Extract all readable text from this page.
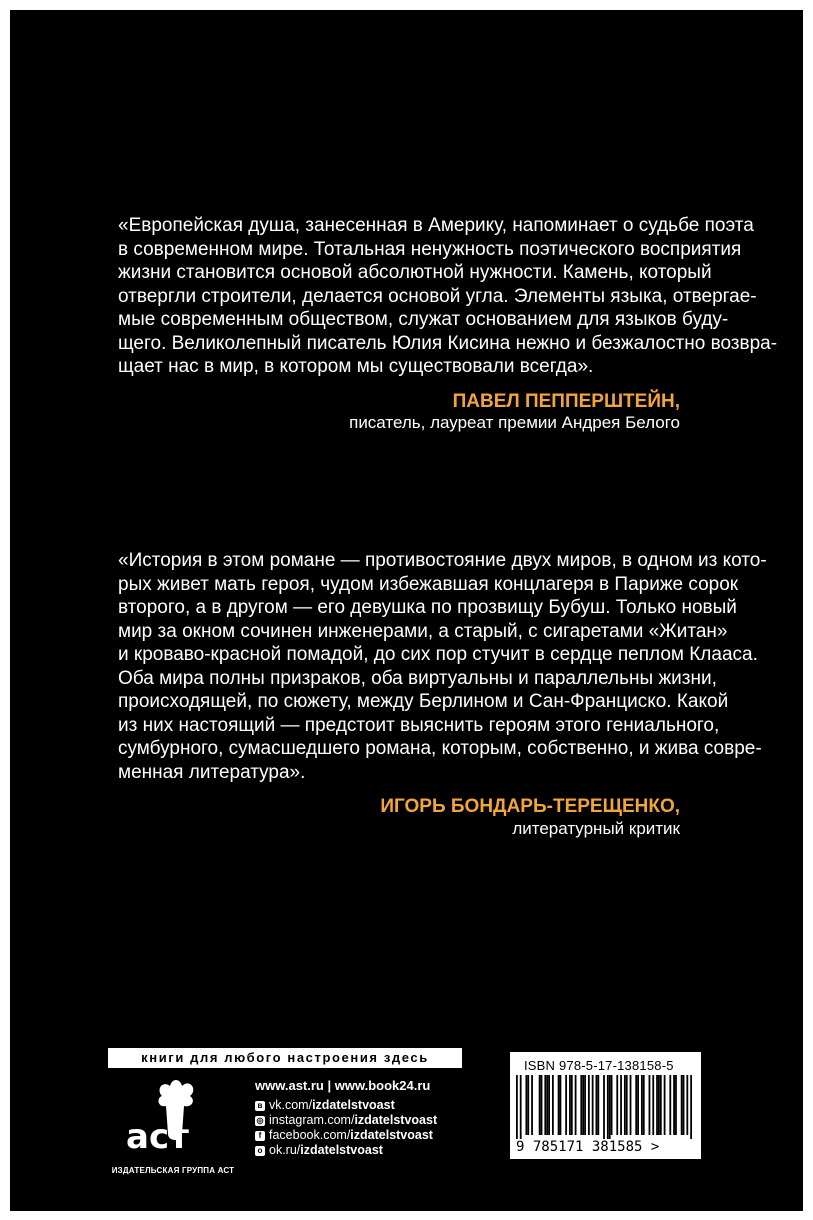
«Европейская душа, занесенная в Америку, напоминает о судьбе поэта
в современном мире. Тотальная ненужность поэтического восприятия
жизни становится основой абсолютной нужности. Камень, который
отвергли строители, делается основой угла. Элементы языка, отвергае-
мые современным обществом, служат основанием для языков буду-
щего. Великолепный писатель Юлия Кисина нежно и безжалостно возвра-
щает нас в мир, в котором мы существовали всегда».
ПАВЕЛ ПЕППЕРШТЕЙН,
писатель, лауреат премии Андрея Белого
«История в этом романе — противостояние двух миров, в одном из кото-
рых живет мать героя, чудом избежавшая концлагеря в Париже сорок
второго, а в другом — его девушка по прозвищу Бубуш. Только новый
мир за окном сочинен инженерами, а старый, с сигаретами «Житан»
и кроваво-красной помадой, до сих пор стучит в сердце пеплом Клааса.
Оба мира полны призраков, оба виртуальны и параллельны жизни,
происходящей, по сюжету, между Берлином и Сан-Франциско. Какой
из них настоящий — предстоит выяснить героям этого гениального,
сумбурного, сумасшедшего романа, которым, собственно, и жива совре-
менная литература».
ИГОРЬ БОНДАРЬ-ТЕРЕЩЕНКО,
литературный критик
книги для любого настроения здесь
аст
ИЗДАТЕЛЬСКАЯ ГРУППА АСТ
www.ast.ru | www.book24.ru
в vk.com/ izdatelstvoast
◎ instagram.com/ izdatelstvoast
f facebook.com/ izdatelstvoast
о ok.ru/ izdatelstvoast
ISBN 978-5-17-138158-5
9 785171 381585 >
